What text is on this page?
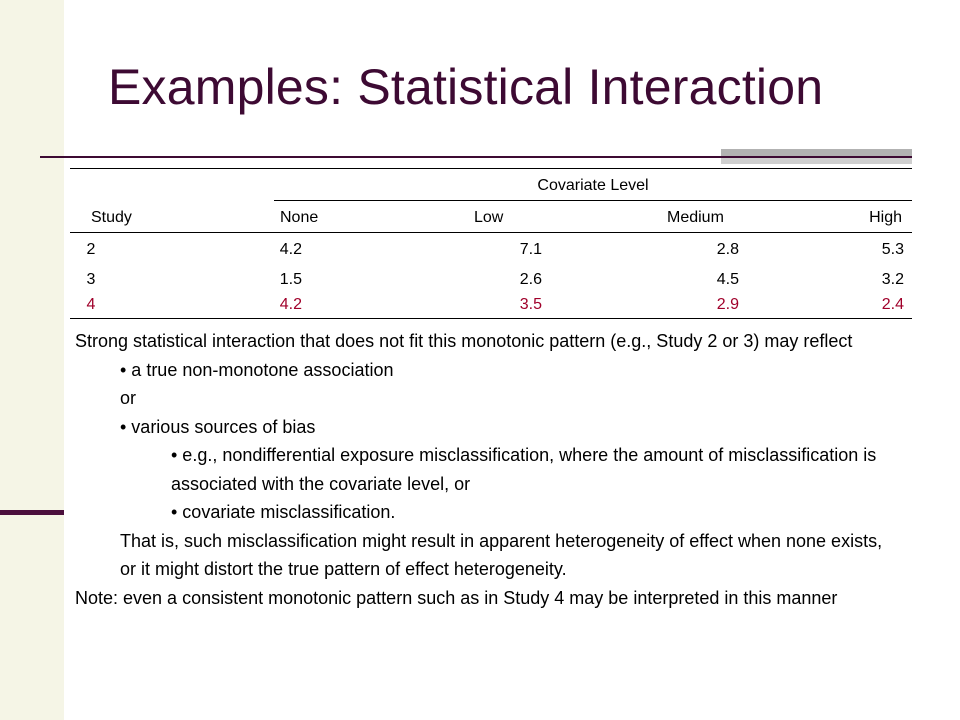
Examples: Statistical Interaction
Covariate Level
Study	None	Low	Medium	High
2	4.2	7.1	2.8	5.3
3	1.5	2.6	4.5	3.2
4	4.2	3.5	2.9	2.4

Strong statistical interaction that does not fit this monotonic pattern (e.g., Study 2 or 3) may reflect

• a true non-monotone association

or

• various sources of bias

• e.g., nondifferential exposure misclassification, where the amount of misclassification is associated with the covariate level, or

• covariate misclassification.

That is, such misclassification might result in apparent heterogeneity of effect when none exists, or it might distort the true pattern of effect heterogeneity.

Note: even a consistent monotonic pattern such as in Study 4 may be interpreted in this manner
